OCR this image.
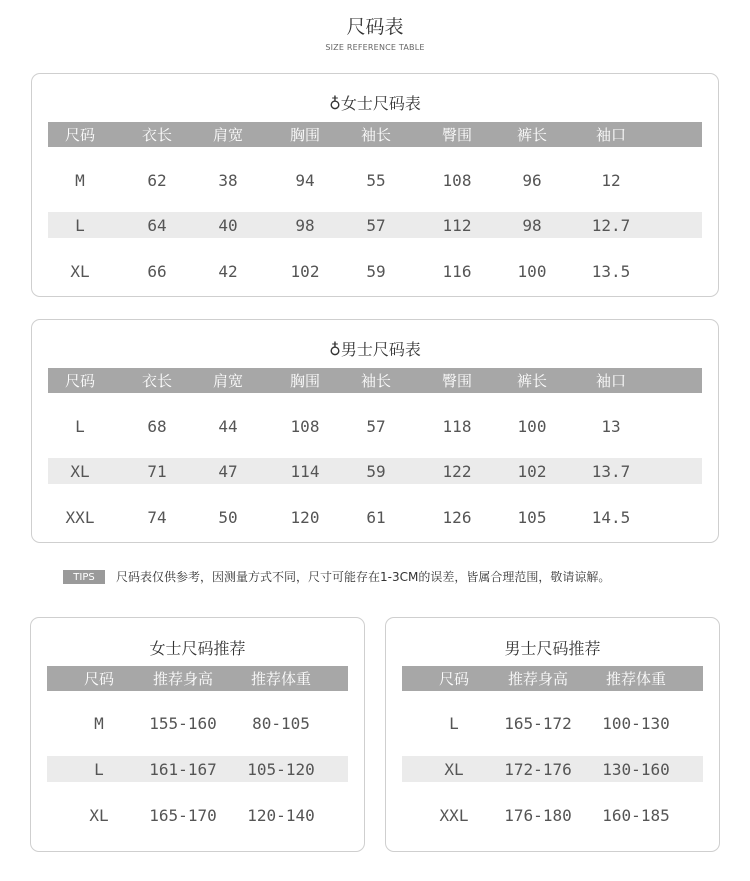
尺码表
SIZE REFERENCE TABLE
♁女士尺码表
尺码	衣长	肩宽	胸围	袖长	臀围	裤长	袖口
M	62	38	94	55	108	96	12
L	64	40	98	57	112	98	12.7
XL	66	42	102	59	116	100	13.5
♁男士尺码表
尺码	衣长	肩宽	胸围	袖长	臀围	裤长	袖口
L	68	44	108	57	118	100	13
XL	71	47	114	59	122	102	13.7
XXL	74	50	120	61	126	105	14.5
TIPS	尺码表仅供参考，因测量方式不同，尺寸可能存在1-3CM的误差，皆属合理范围，敬请谅解。
女士尺码推荐
尺码	推荐身高	推荐体重
M	155-160	80-105
L	161-167	105-120
XL	165-170	120-140
男士尺码推荐
尺码	推荐身高	推荐体重
L	165-172	100-130
XL	172-176	130-160
XXL	176-180	160-185
